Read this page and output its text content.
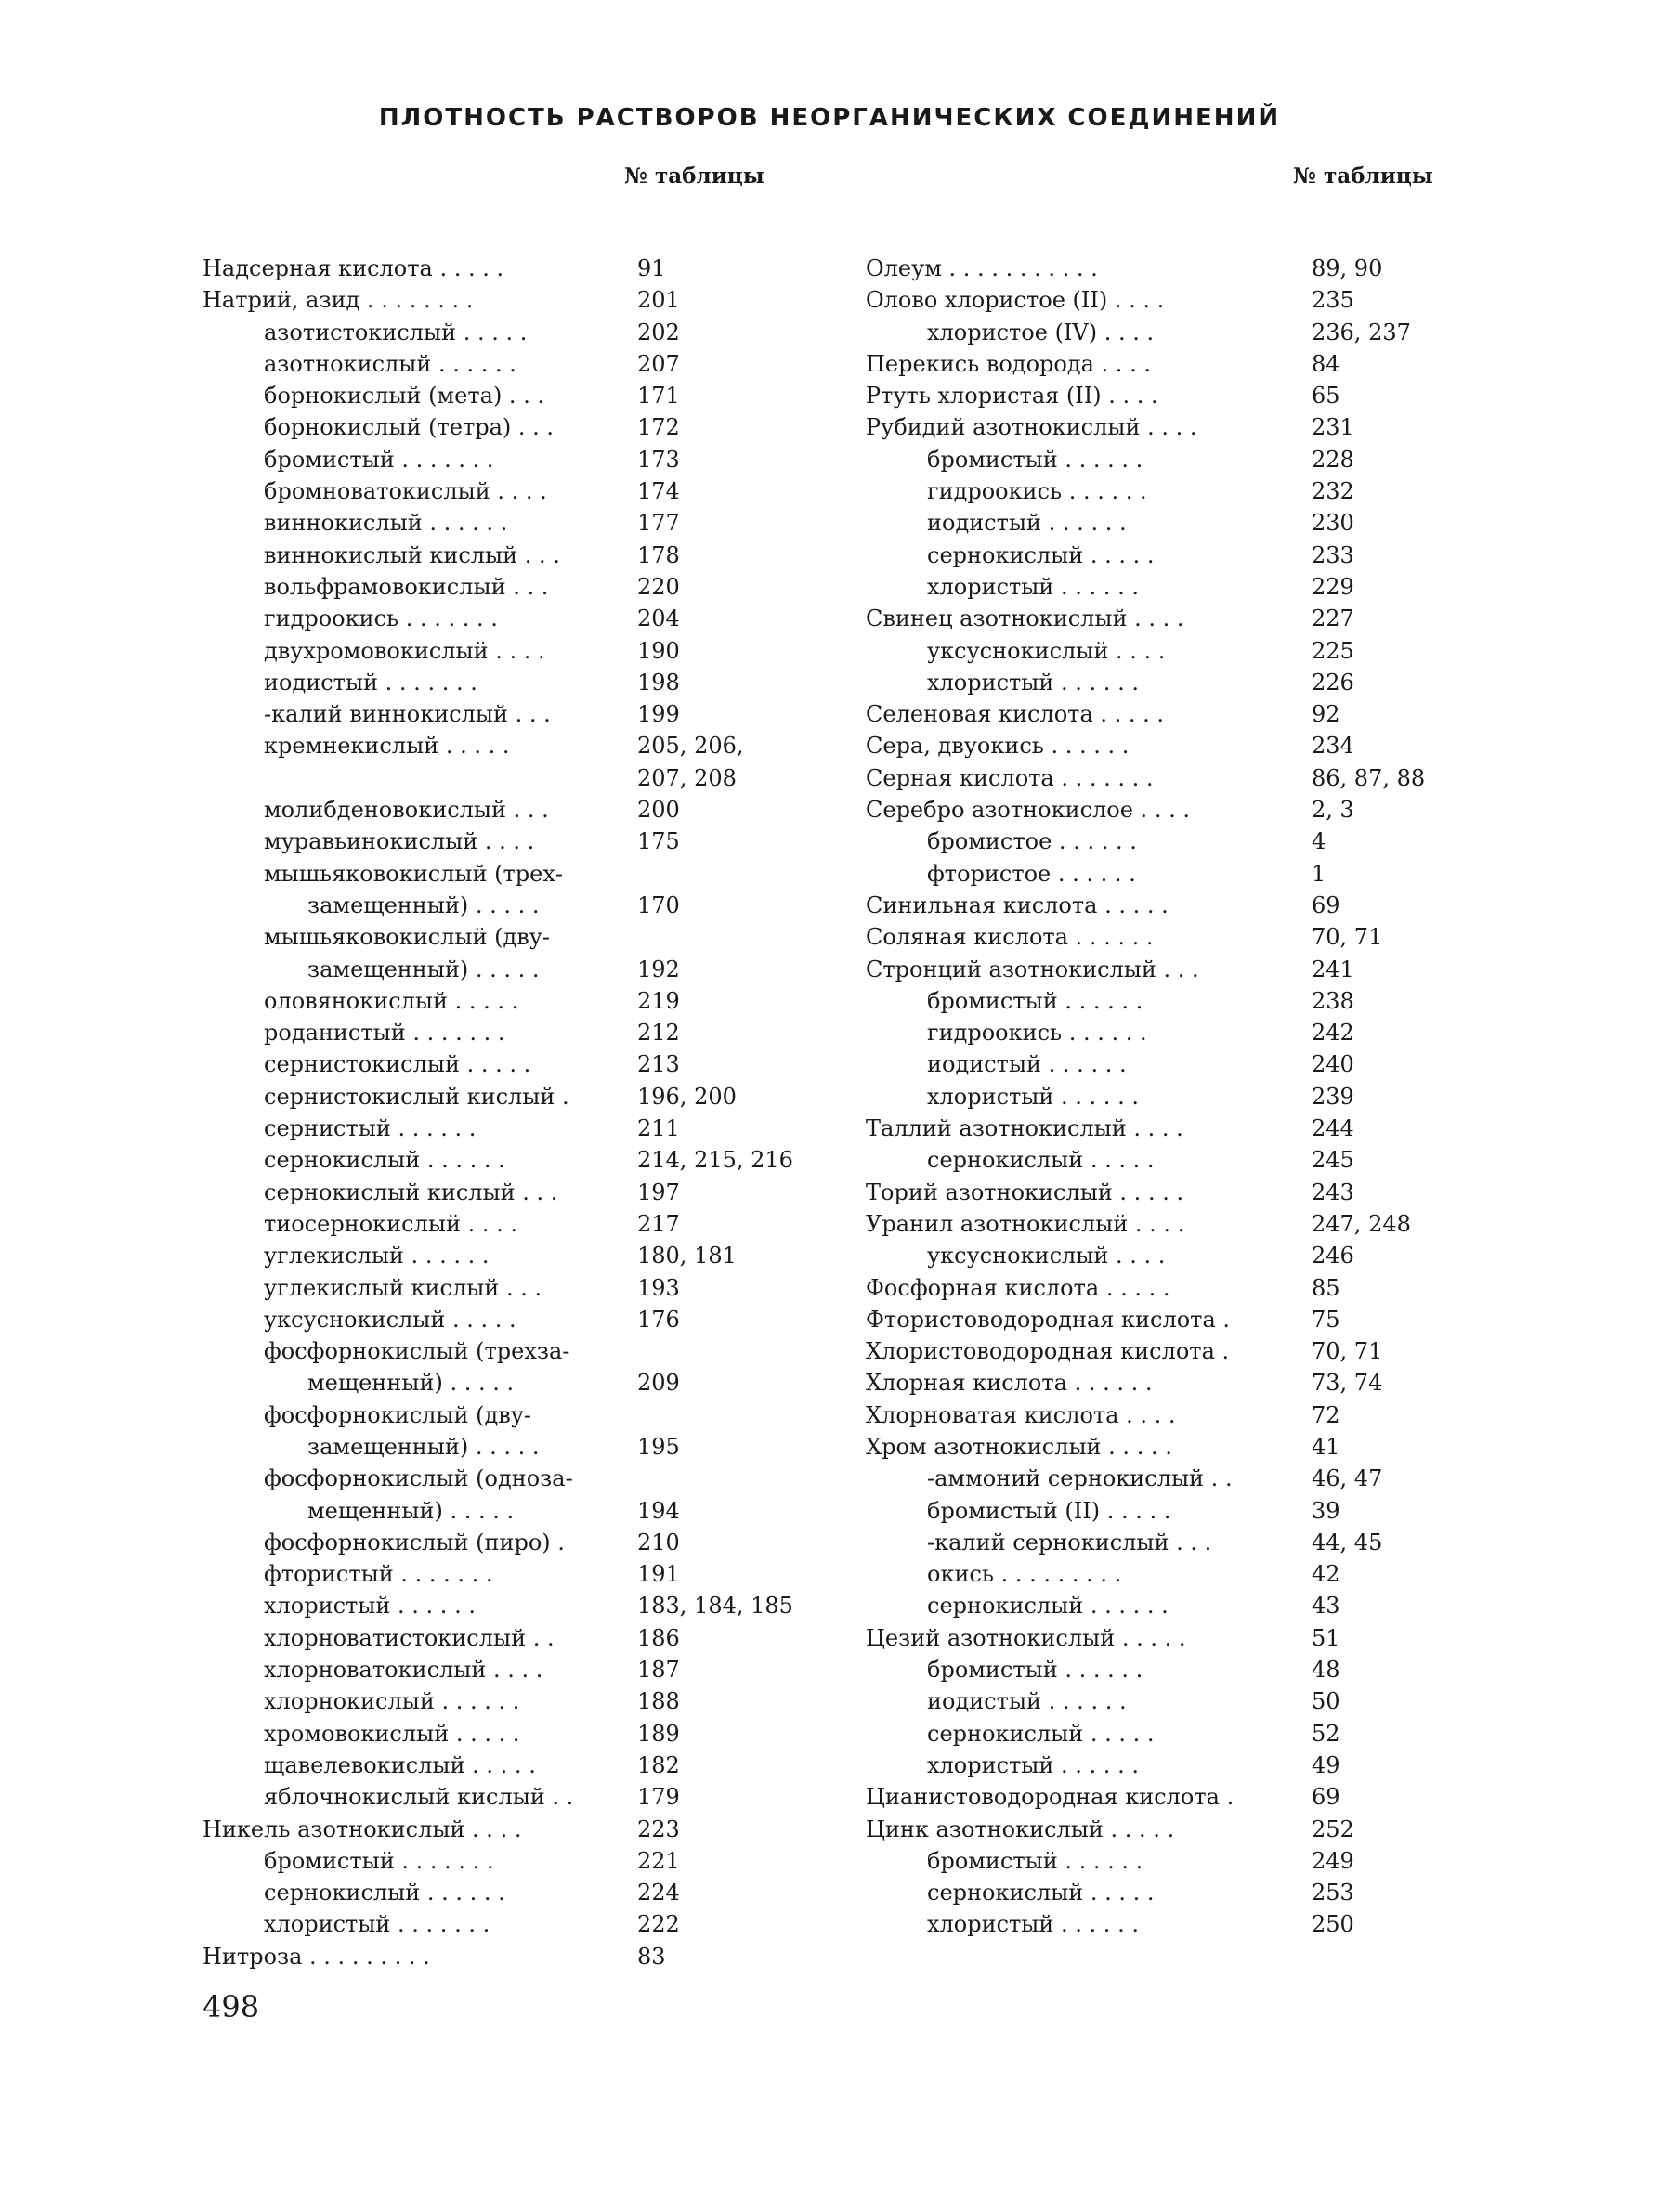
ПЛОТНОСТЬ РАСТВОРОВ НЕОРГАНИЧЕСКИХ СОЕДИНЕНИЙ
№ таблицы	№ таблицы
Надсерная кислота . . . . .	91
Натрий, азид . . . . . . . .	201
азотистокислый . . . . .	202
азотнокислый . . . . . .	207
борнокислый (мета) . . .	171
борнокислый (тетра) . . .	172
бромистый . . . . . . .	173
бромноватокислый . . . .	174
виннокислый . . . . . .	177
виннокислый кислый . . .	178
вольфрамовокислый . . .	220
гидроокись . . . . . . .	204
двухромовокислый . . . .	190
иодистый . . . . . . .	198
-калий виннокислый . . .	199
кремнекислый . . . . .	205, 206,
207, 208
молибденовокислый . . .	200
муравьинокислый . . . .	175
мышьяковокислый (трех-
замещенный) . . . . .	170
мышьяковокислый (дву-
замещенный) . . . . .	192
оловянокислый . . . . .	219
роданистый . . . . . . .	212
сернистокислый . . . . .	213
сернистокислый кислый .	196, 200
сернистый . . . . . .	211
сернокислый . . . . . .	214, 215, 216
сернокислый кислый . . .	197
тиосернокислый . . . .	217
углекислый . . . . . .	180, 181
углекислый кислый . . .	193
уксуснокислый . . . . .	176
фосфорнокислый (трехза-
мещенный) . . . . .	209
фосфорнокислый (дву-
замещенный) . . . . .	195
фосфорнокислый (одноза-
мещенный) . . . . .	194
фосфорнокислый (пиро) .	210
фтористый . . . . . . .	191
хлористый . . . . . .	183, 184, 185
хлорноватистокислый . .	186
хлорноватокислый . . . .	187
хлорнокислый . . . . . .	188
хромовокислый . . . . .	189
щавелевокислый . . . . .	182
яблочнокислый кислый . .	179
Никель азотнокислый . . . .	223
бромистый . . . . . . .	221
сернокислый . . . . . .	224
хлористый . . . . . . .	222
Нитроза . . . . . . . . .	83
Олеум . . . . . . . . . . .	89, 90
Олово хлористое (II) . . . .	235
хлористое (IV) . . . .	236, 237
Перекись водорода . . . .	84
Ртуть хлористая (II) . . . .	65
Рубидий азотнокислый . . . .	231
бромистый . . . . . .	228
гидроокись . . . . . .	232
иодистый . . . . . .	230
сернокислый . . . . .	233
хлористый . . . . . .	229
Свинец азотнокислый . . . .	227
уксуснокислый . . . .	225
хлористый . . . . . .	226
Селеновая кислота . . . . .	92
Сера, двуокись . . . . . .	234
Серная кислота . . . . . . .	86, 87, 88
Серебро азотнокислое . . . .	2, 3
бромистое . . . . . .	4
фтористое . . . . . .	1
Синильная кислота . . . . .	69
Соляная кислота . . . . . .	70, 71
Стронций азотнокислый . . .	241
бромистый . . . . . .	238
гидроокись . . . . . .	242
иодистый . . . . . .	240
хлористый . . . . . .	239
Таллий азотнокислый . . . .	244
сернокислый . . . . .	245
Торий азотнокислый . . . . .	243
Уранил азотнокислый . . . .	247, 248
уксуснокислый . . . .	246
Фосфорная кислота . . . . .	85
Фтористоводородная кислота .	75
Хлористоводородная кислота .	70, 71
Хлорная кислота . . . . . .	73, 74
Хлорноватая кислота . . . .	72
Хром азотнокислый . . . . .	41
-аммоний сернокислый . .	46, 47
бромистый (II) . . . . .	39
-калий сернокислый . . .	44, 45
окись . . . . . . . . .	42
сернокислый . . . . . .	43
Цезий азотнокислый . . . . .	51
бромистый . . . . . .	48
иодистый . . . . . .	50
сернокислый . . . . .	52
хлористый . . . . . .	49
Цианистоводородная кислота .	69
Цинк азотнокислый . . . . .	252
бромистый . . . . . .	249
сернокислый . . . . .	253
хлористый . . . . . .	250
498
